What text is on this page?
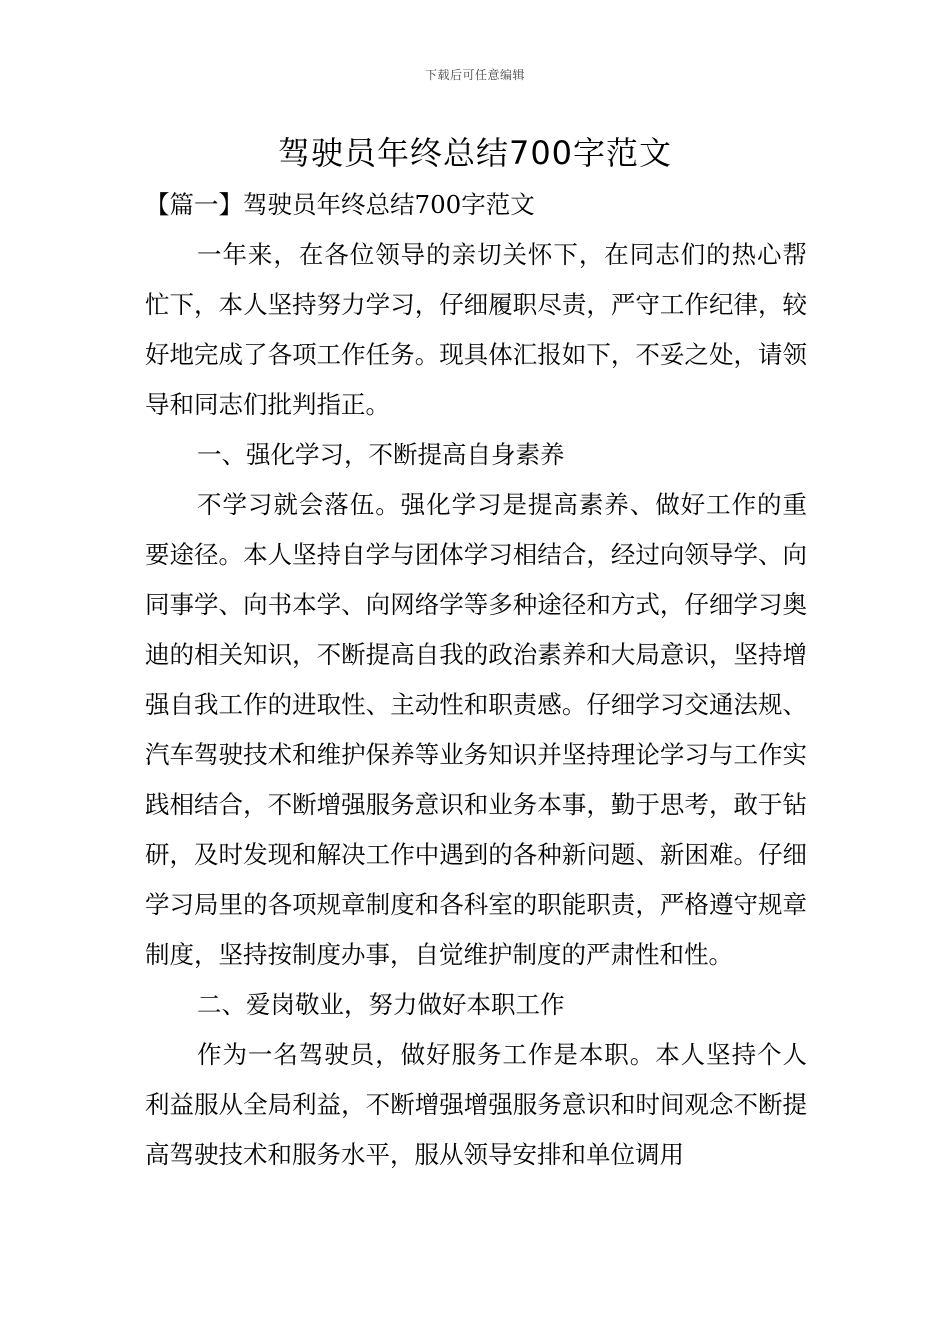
下载后可任意编辑
驾驶员年终总结700字范文

【篇一】驾驶员年终总结700字范文

一年来，在各位领导的亲切关怀下，在同志们的热心帮忙下，本人坚持努力学习，仔细履职尽责，严守工作纪律，较好地完成了各项工作任务。现具体汇报如下，不妥之处，请领导和同志们批判指正。

一、强化学习，不断提高自身素养

不学习就会落伍。强化学习是提高素养、做好工作的重要途径。本人坚持自学与团体学习相结合，经过向领导学、向同事学、向书本学、向网络学等多种途径和方式，仔细学习奥迪的相关知识，不断提高自我的政治素养和大局意识，坚持增强自我工作的进取性、主动性和职责感。仔细学习交通法规、汽车驾驶技术和维护保养等业务知识并坚持理论学习与工作实践相结合，不断增强服务意识和业务本事，勤于思考，敢于钻研，及时发现和解决工作中遇到的各种新问题、新困难。仔细学习局里的各项规章制度和各科室的职能职责，严格遵守规章制度，坚持按制度办事，自觉维护制度的严肃性和性。

二、爱岗敬业，努力做好本职工作

作为一名驾驶员，做好服务工作是本职。本人坚持个人利益服从全局利益，不断增强增强服务意识和时间观念不断提高驾驶技术和服务水平，服从领导安排和单位调用
